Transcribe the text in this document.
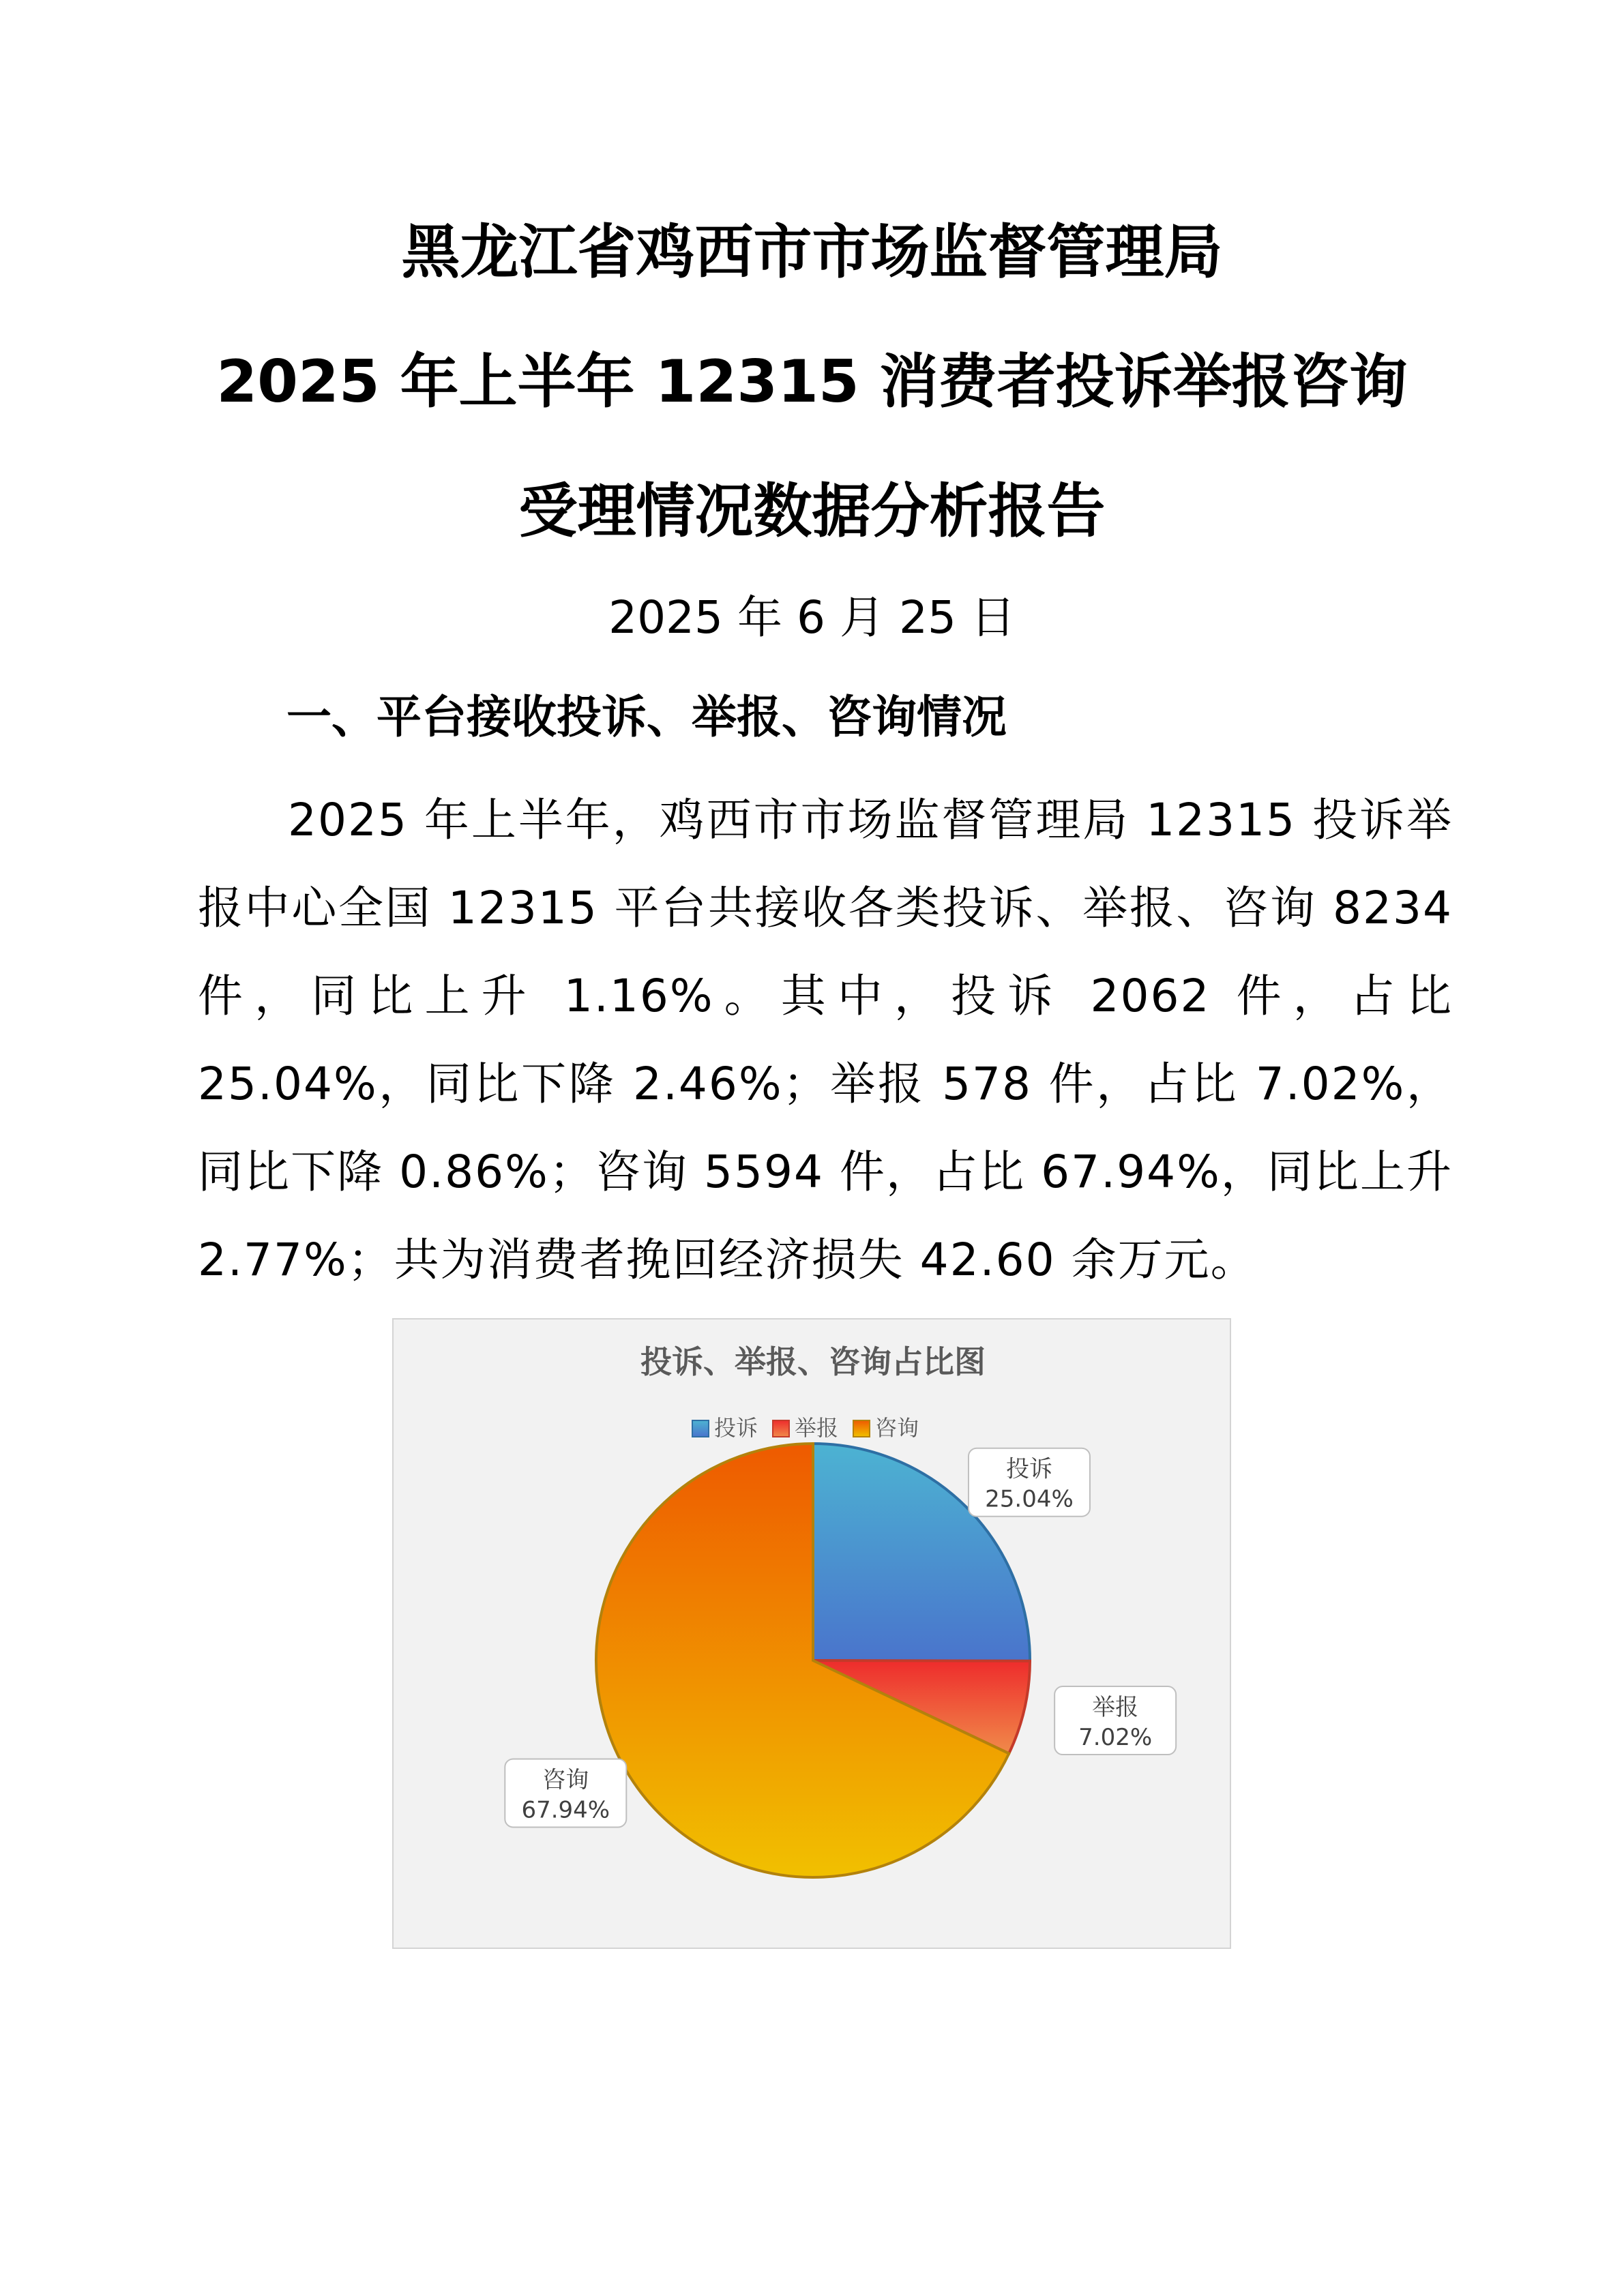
黑龙江省鸡西市市场监督管理局
2025 年上半年 12315 消费者投诉举报咨询
受理情况数据分析报告
2025 年 6 月 25 日
一、平台接收投诉、举报、咨询情况

2025 年上半年，鸡西市市场监督管理局 12315 投诉举报中心全国 12315 平台共接收各类投诉、举报、咨询 8234 件，同比上升 1.16%。其中，投诉 2062 件，占比 25.04%，同比下降 2.46%；举报 578 件，占比 7.02%，同比下降 0.86%；咨询 5594 件，占比 67.94%，同比上升 2.77%；共为消费者挽回经济损失 42.60 余万元。

投诉、举报、咨询占比图
投诉 举报 咨询
投诉
25.04%
举报
7.02%
咨询
67.94%
